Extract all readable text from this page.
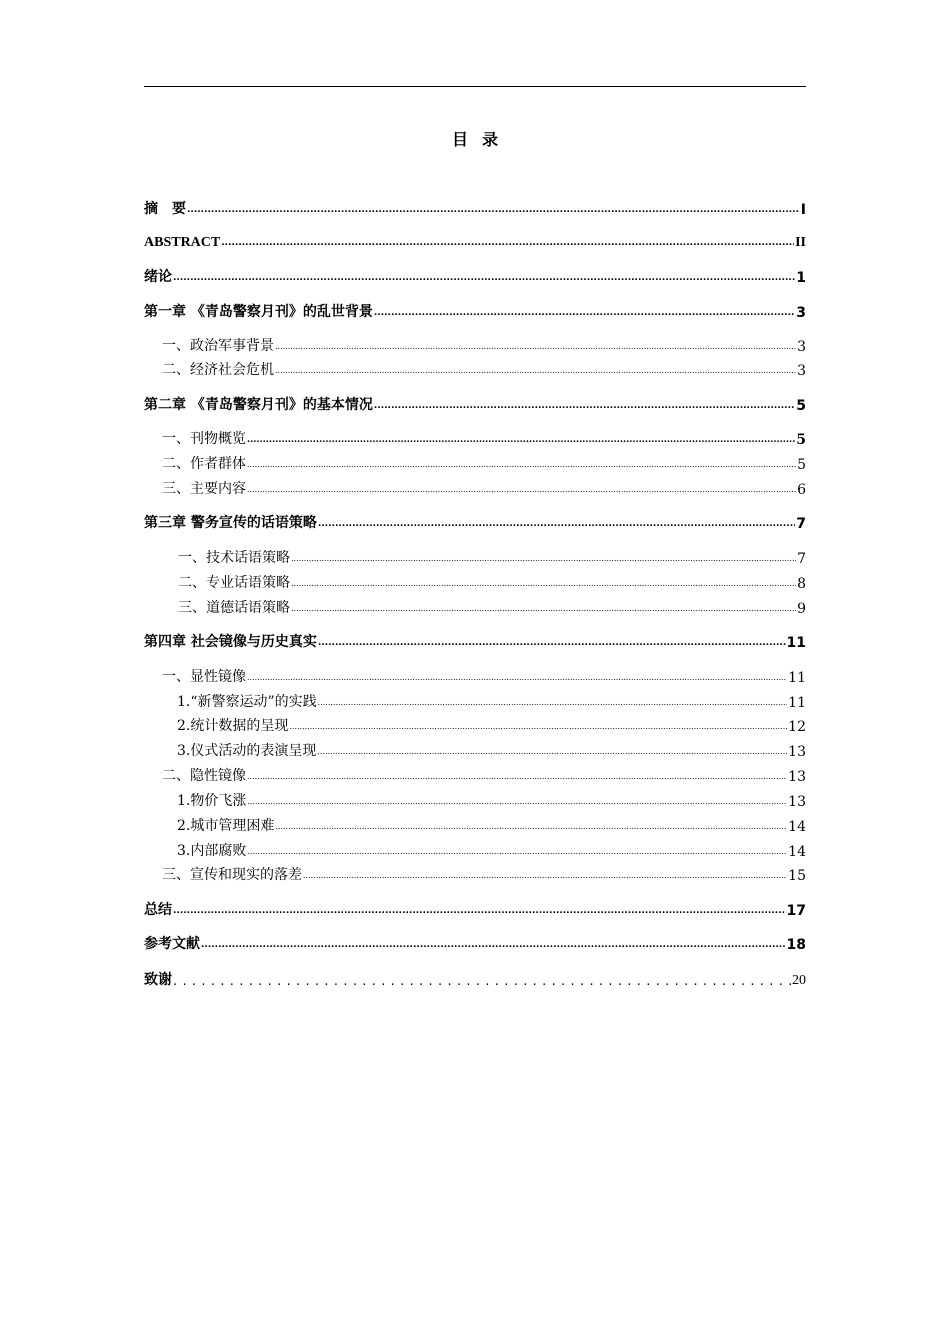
目录
摘　要 .....	I
ABSTRACT .....	II
绪论 .....	1
第一章 《青岛警察月刊》的乱世背景 .....	3
一、政治军事背景 .....	3
二、经济社会危机 .....	3
第二章 《青岛警察月刊》的基本情况 .....	5
一、刊物概览 .....	5
二、作者群体 .....	5
三、主要内容 .....	6
第三章 警务宣传的话语策略 .....	7
一、技术话语策略 .....	7
二、专业话语策略 .....	8
三、道德话语策略 .....	9
第四章 社会镜像与历史真实 .....	11
一、显性镜像 .....	11
1.“新警察运动”的实践 .....	11
2.统计数据的呈现 .....	12
3.仪式活动的表演呈现 .....	13
二、隐性镜像 .....	13
1.物价飞涨 .....	13
2.城市管理困难 .....	14
3.内部腐败 .....	14
三、宣传和现实的落差 .....	15
总结 .....	17
参考文献 .....	18
致谢 . . .	20
